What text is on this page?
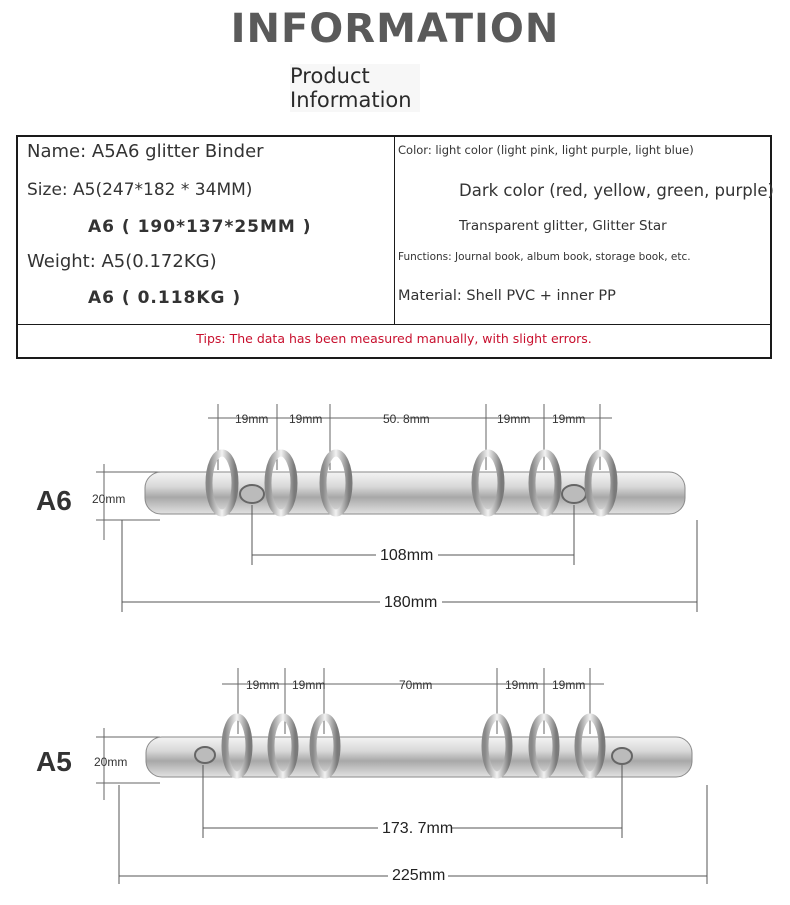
INFORMATION
Product
Information
Name: A5A6 glitter Binder
Size: A5(247*182 * 34MM)
A6 ( 190*137*25MM )
Weight: A5(0.172KG)
A6 ( 0.118KG )
Color: light color (light pink, light purple, light blue)
Dark color (red, yellow, green, purple)
Transparent glitter, Glitter Star
Functions: Journal book, album book, storage book, etc.
Material: Shell PVC + inner PP
Tips: The data has been measured manually, with slight errors.
A6
19mm 19mm	50. 8mm	19mm 19mm
20mm
108mm
180mm
A5
19mm 19mm	70mm	19mm 19mm
20mm
173. 7mm
225mm
